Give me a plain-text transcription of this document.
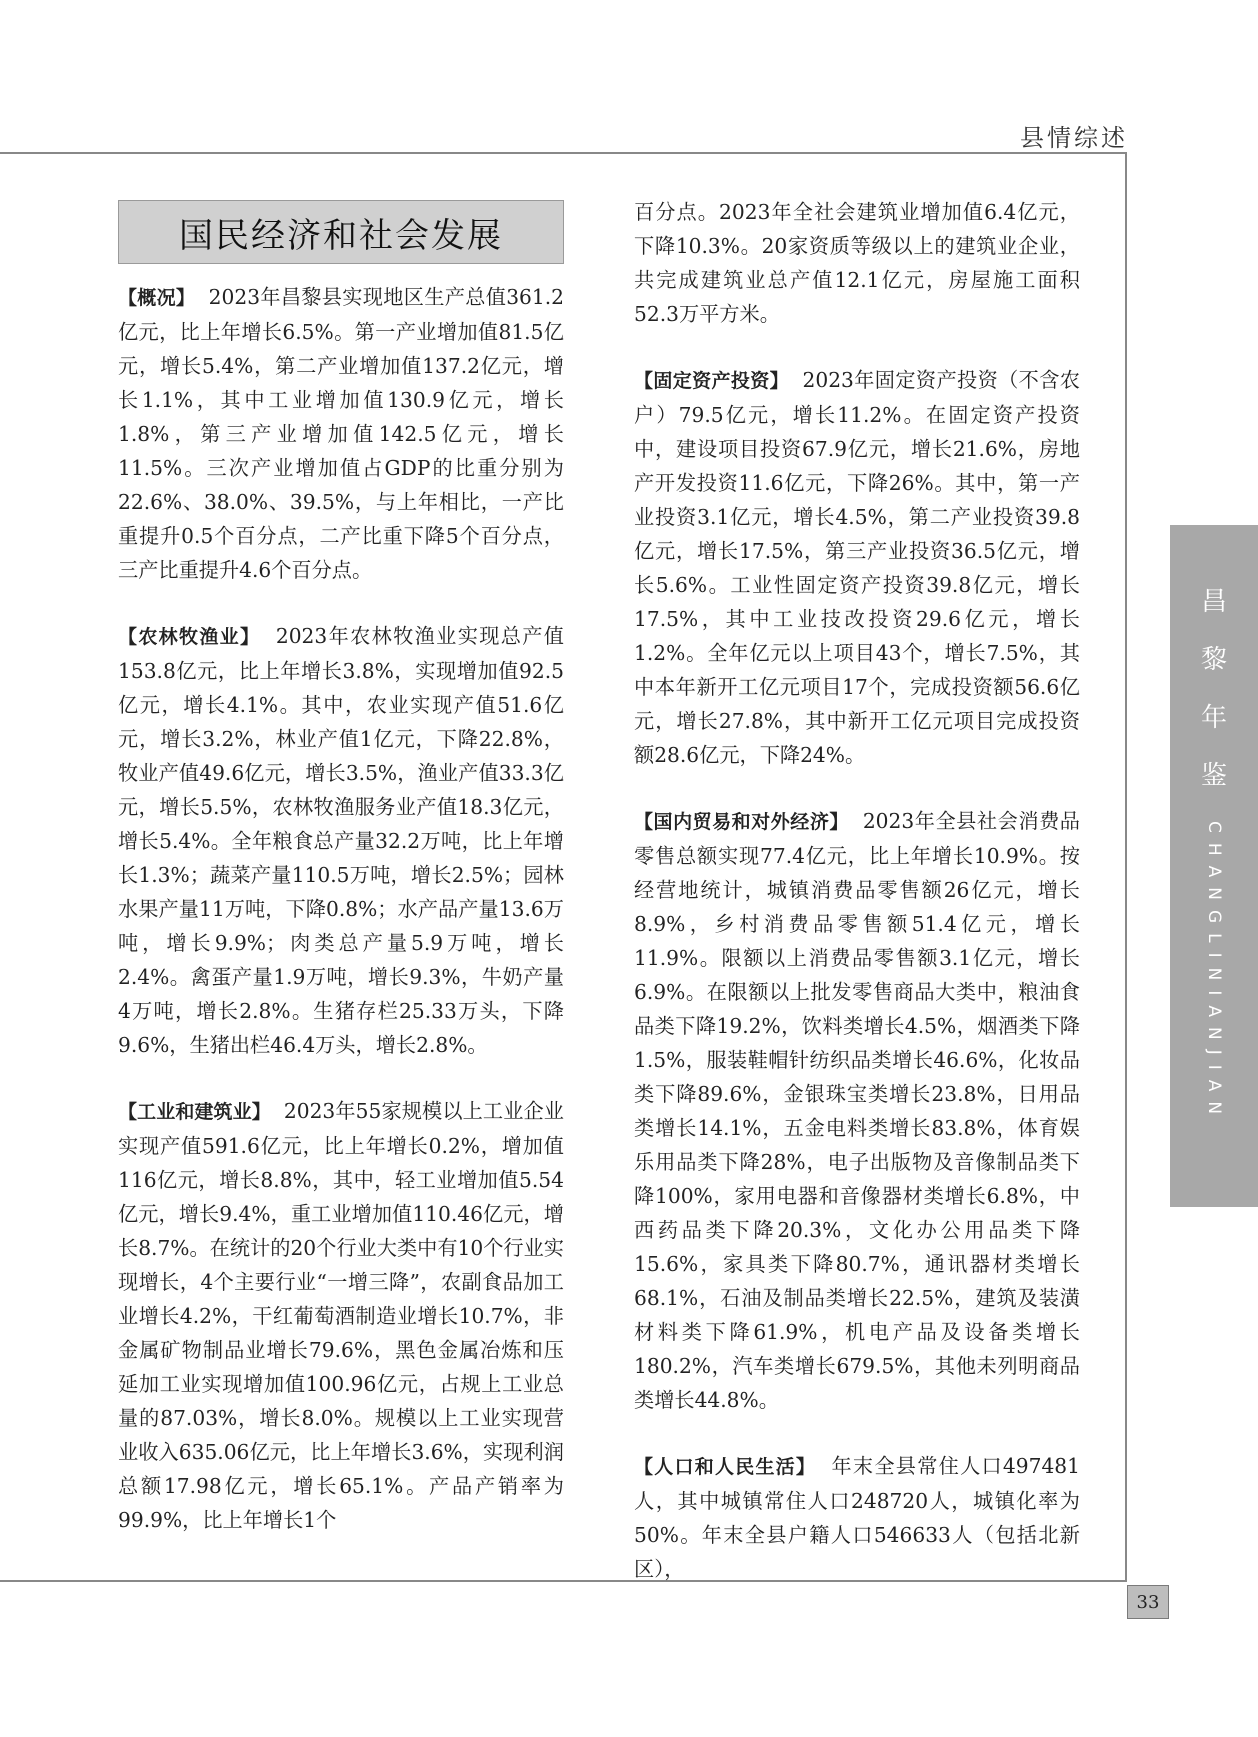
县情综述
国民经济和社会发展

【概况】 2023年昌黎县实现地区生产总值361.2亿元，比上年增长6.5%。第一产业增加值81.5亿元，增长5.4%，第二产业增加值137.2亿元，增长1.1%，其中工业增加值130.9亿元，增长1.8%，第三产业增加值142.5亿元，增长11.5%。三次产业增加值占GDP的比重分别为22.6%、38.0%、39.5%，与上年相比，一产比重提升0.5个百分点，二产比重下降5个百分点，三产比重提升4.6个百分点。

【农林牧渔业】 2023年农林牧渔业实现总产值153.8亿元，比上年增长3.8%，实现增加值92.5亿元，增长4.1%。其中，农业实现产值51.6亿元，增长3.2%，林业产值1亿元，下降22.8%，牧业产值49.6亿元，增长3.5%，渔业产值33.3亿元，增长5.5%，农林牧渔服务业产值18.3亿元，增长5.4%。全年粮食总产量32.2万吨，比上年增长1.3%；蔬菜产量110.5万吨，增长2.5%；园林水果产量11万吨，下降0.8%；水产品产量13.6万吨，增长9.9%；肉类总产量5.9万吨，增长2.4%。禽蛋产量1.9万吨，增长9.3%，牛奶产量4万吨，增长2.8%。生猪存栏25.33万头，下降9.6%，生猪出栏46.4万头，增长2.8%。

【工业和建筑业】 2023年55家规模以上工业企业实现产值591.6亿元，比上年增长0.2%，增加值116亿元，增长8.8%，其中，轻工业增加值5.54亿元，增长9.4%，重工业增加值110.46亿元，增长8.7%。在统计的20个行业大类中有10个行业实现增长，4个主要行业“一增三降”，农副食品加工业增长4.2%，干红葡萄酒制造业增长10.7%，非金属矿物制品业增长79.6%，黑色金属冶炼和压延加工业实现增加值100.96亿元，占规上工业总量的87.03%，增长8.0%。规模以上工业实现营业收入635.06亿元，比上年增长3.6%，实现利润总额17.98亿元，增长65.1%。产品产销率为99.9%，比上年增长1个

百分点。2023年全社会建筑业增加值6.4亿元，下降10.3%。20家资质等级以上的建筑业企业，共完成建筑业总产值12.1亿元，房屋施工面积52.3万平方米。

【固定资产投资】 2023年固定资产投资（不含农户）79.5亿元，增长11.2%。在固定资产投资中，建设项目投资67.9亿元，增长21.6%，房地产开发投资11.6亿元，下降26%。其中，第一产业投资3.1亿元，增长4.5%，第二产业投资39.8亿元，增长17.5%，第三产业投资36.5亿元，增长5.6%。工业性固定资产投资39.8亿元，增长17.5%，其中工业技改投资29.6亿元，增长1.2%。全年亿元以上项目43个，增长7.5%，其中本年新开工亿元项目17个，完成投资额56.6亿元，增长27.8%，其中新开工亿元项目完成投资额28.6亿元，下降24%。

【国内贸易和对外经济】 2023年全县社会消费品零售总额实现77.4亿元，比上年增长10.9%。按经营地统计，城镇消费品零售额26亿元，增长8.9%，乡村消费品零售额51.4亿元，增长11.9%。限额以上消费品零售额3.1亿元，增长6.9%。在限额以上批发零售商品大类中，粮油食品类下降19.2%，饮料类增长4.5%，烟酒类下降1.5%，服装鞋帽针纺织品类增长46.6%，化妆品类下降89.6%，金银珠宝类增长23.8%，日用品类增长14.1%，五金电料类增长83.8%，体育娱乐用品类下降28%，电子出版物及音像制品类下降100%，家用电器和音像器材类增长6.8%，中西药品类下降20.3%，文化办公用品类下降15.6%，家具类下降80.7%，通讯器材类增长68.1%，石油及制品类增长22.5%，建筑及装潢材料类下降61.9%，机电产品及设备类增长180.2%，汽车类增长679.5%，其他未列明商品类增长44.8%。

【人口和人民生活】 年末全县常住人口497481人，其中城镇常住人口248720人，城镇化率为50%。年末全县户籍人口546633人（包括北新区），

昌
黎
年
鉴
CHANGLINIANJIAN
33
